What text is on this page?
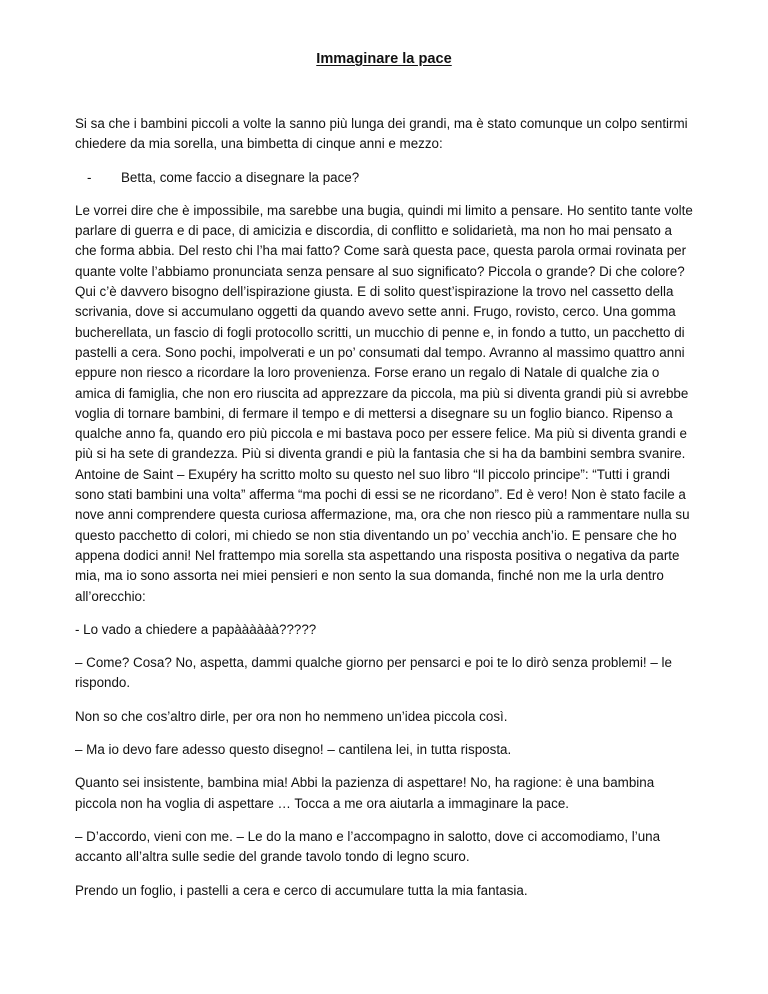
Immaginare la pace

Si sa che i bambini piccoli a volte la sanno più lunga dei grandi, ma è stato comunque un colpo sentirmi chiedere da mia sorella, una bimbetta di cinque anni e mezzo:

-	Betta, come faccio a disegnare la pace?

Le vorrei dire che è impossibile, ma sarebbe una bugia, quindi mi limito a pensare. Ho sentito tante volte parlare di guerra e di pace, di amicizia e discordia, di conflitto e solidarietà, ma non ho mai pensato a che forma abbia. Del resto chi l’ha mai fatto? Come sarà questa pace, questa parola ormai rovinata per quante volte l’abbiamo pronunciata senza pensare al suo significato? Piccola o grande? Di che colore? Qui c’è davvero bisogno dell’ispirazione giusta. E di solito quest’ispirazione la trovo nel cassetto della scrivania, dove si accumulano oggetti da quando avevo sette anni. Frugo, rovisto, cerco. Una gomma bucherellata, un fascio di fogli protocollo scritti, un mucchio di penne e, in fondo a tutto, un pacchetto di pastelli a cera. Sono pochi, impolverati e un po’ consumati dal tempo. Avranno al massimo quattro anni eppure non riesco a ricordare la loro provenienza. Forse erano un regalo di Natale di qualche zia o amica di famiglia, che non ero riuscita ad apprezzare da piccola, ma più si diventa grandi più si avrebbe voglia di tornare bambini, di fermare il tempo e di mettersi a disegnare su un foglio bianco. Ripenso a qualche anno fa, quando ero più piccola e mi bastava poco per essere felice. Ma più si diventa grandi e più si ha sete di grandezza. Più si diventa grandi e più la fantasia che si ha da bambini sembra svanire. Antoine de Saint – Exupéry ha scritto molto su questo nel suo libro “Il piccolo principe”: “Tutti i grandi sono stati bambini una volta” afferma “ma pochi di essi se ne ricordano”. Ed è vero! Non è stato facile a nove anni comprendere questa curiosa affermazione, ma, ora che non riesco più a rammentare nulla su questo pacchetto di colori, mi chiedo se non stia diventando un po’ vecchia anch’io. E pensare che ho appena dodici anni! Nel frattempo mia sorella sta aspettando una risposta positiva o negativa da parte mia, ma io sono assorta nei miei pensieri e non sento la sua domanda, finché non me la urla dentro all’orecchio:

- Lo vado a chiedere a papàààààà?????

– Come? Cosa? No, aspetta, dammi qualche giorno per pensarci e poi te lo dirò senza problemi! – le rispondo.

Non so che cos’altro dirle, per ora non ho nemmeno un’idea piccola così.

– Ma io devo fare adesso questo disegno! – cantilena lei, in tutta risposta.

Quanto sei insistente, bambina mia! Abbi la pazienza di aspettare! No, ha ragione: è una bambina piccola non ha voglia di aspettare … Tocca a me ora aiutarla a immaginare la pace.

– D’accordo, vieni con me. – Le do la mano e l’accompagno in salotto, dove ci accomodiamo, l’una accanto all’altra sulle sedie del grande tavolo tondo di legno scuro.

Prendo un foglio, i pastelli a cera e cerco di accumulare tutta la mia fantasia.
